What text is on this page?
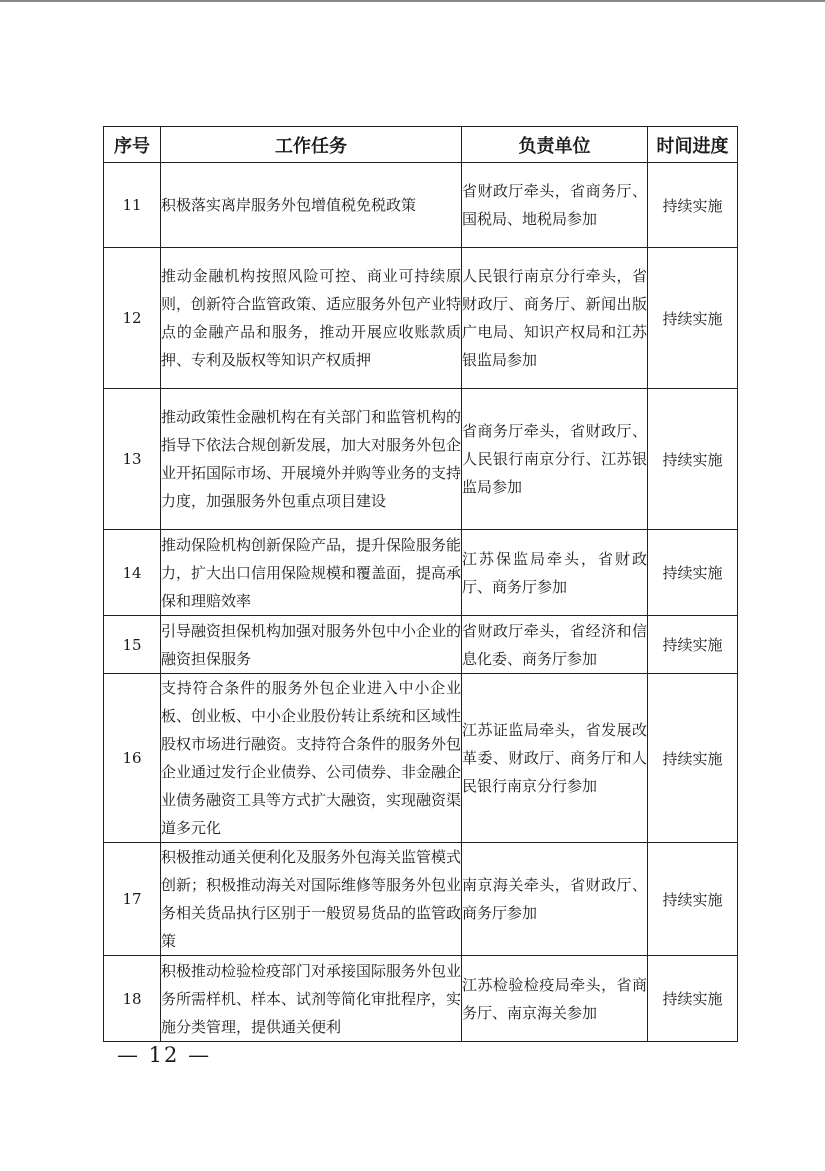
序号	工作任务	负责单位	时间进度
11	积极落实离岸服务外包增值税免税政策	省财政厅牵头，省商务厅、国税局、地税局参加	持续实施
12	推动金融机构按照风险可控、商业可持续原则，创新符合监管政策、适应服务外包产业特点的金融产品和服务，推动开展应收账款质押、专利及版权等知识产权质押	人民银行南京分行牵头，省财政厅、商务厅、新闻出版广电局、知识产权局和江苏银监局参加	持续实施
13	推动政策性金融机构在有关部门和监管机构的指导下依法合规创新发展，加大对服务外包企业开拓国际市场、开展境外并购等业务的支持力度，加强服务外包重点项目建设	省商务厅牵头，省财政厅、人民银行南京分行、江苏银监局参加	持续实施
14	推动保险机构创新保险产品，提升保险服务能力，扩大出口信用保险规模和覆盖面，提高承保和理赔效率	江苏保监局牵头，省财政厅、商务厅参加	持续实施
15	引导融资担保机构加强对服务外包中小企业的融资担保服务	省财政厅牵头，省经济和信息化委、商务厅参加	持续实施
16	支持符合条件的服务外包企业进入中小企业板、创业板、中小企业股份转让系统和区域性股权市场进行融资。支持符合条件的服务外包企业通过发行企业债券、公司债券、非金融企业债务融资工具等方式扩大融资，实现融资渠道多元化	江苏证监局牵头，省发展改革委、财政厅、商务厅和人民银行南京分行参加	持续实施
17	积极推动通关便利化及服务外包海关监管模式创新；积极推动海关对国际维修等服务外包业务相关货品执行区别于一般贸易货品的监管政策	南京海关牵头，省财政厅、商务厅参加	持续实施
18	积极推动检验检疫部门对承接国际服务外包业务所需样机、样本、试剂等简化审批程序，实施分类管理，提供通关便利	江苏检验检疫局牵头，省商务厅、南京海关参加	持续实施
— 12 —
